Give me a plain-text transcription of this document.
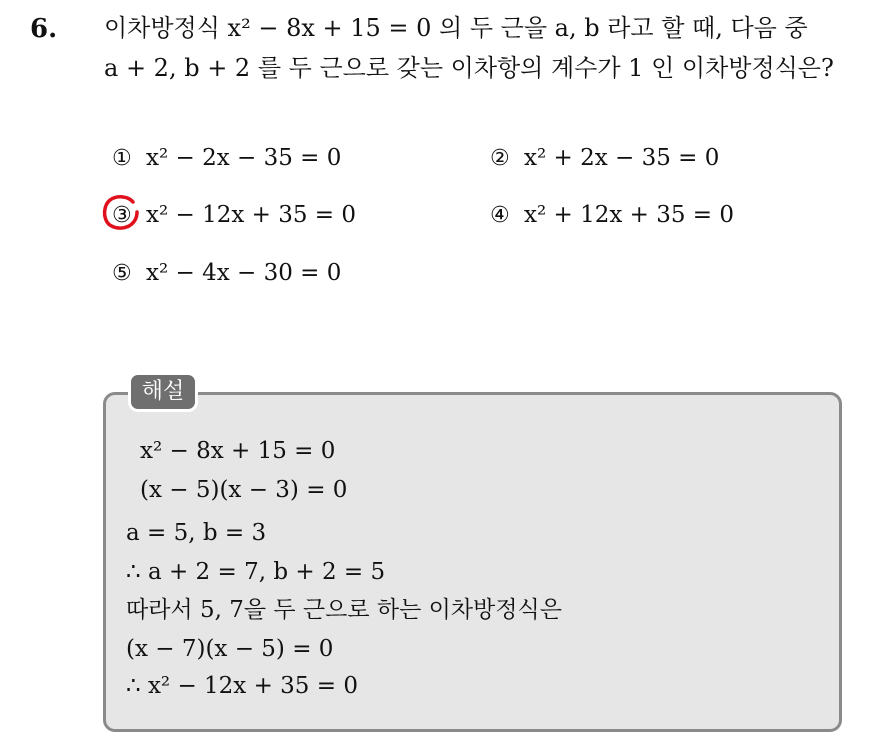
6. 이차방정식 x² − 8x + 15 = 0 의 두 근을 a, b 라고 할 때, 다음 중
a + 2, b + 2 를 두 근으로 갖는 이차항의 계수가 1 인 이차방정식은?
① x² − 2x − 35 = 0	② x² + 2x − 35 = 0
③ x² − 12x + 35 = 0	④ x² + 12x + 35 = 0
⑤ x² − 4x − 30 = 0
해설
x² − 8x + 15 = 0
(x − 5)(x − 3) = 0
a = 5, b = 3
∴ a + 2 = 7, b + 2 = 5
따라서 5, 7을 두 근으로 하는 이차방정식은
(x − 7)(x − 5) = 0
∴ x² − 12x + 35 = 0
